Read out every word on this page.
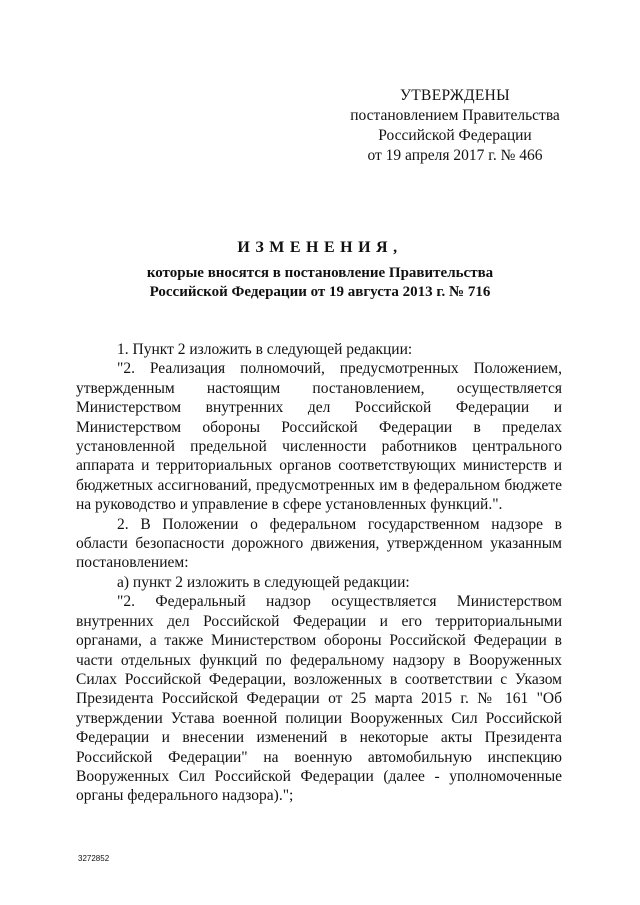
УТВЕРЖДЕНЫ
постановлением Правительства
Российской Федерации
от 19 апреля 2017 г. № 466
ИЗМЕНЕНИЯ,
которые вносятся в постановление Правительства
Российской Федерации от 19 августа 2013 г. № 716

1. Пункт 2 изложить в следующей редакции:

"2. Реализация полномочий, предусмотренных Положением, утвержденным настоящим постановлением, осуществляется Министерством внутренних дел Российской Федерации и Министерством обороны Российской Федерации в пределах установленной предельной численности работников центрального аппарата и территориальных органов соответствующих министерств и бюджетных ассигнований, предусмотренных им в федеральном бюджете на руководство и управление в сфере установленных функций.".

2. В Положении о федеральном государственном надзоре в области безопасности дорожного движения, утвержденном указанным постановлением:

а) пункт 2 изложить в следующей редакции:

"2. Федеральный надзор осуществляется Министерством внутренних дел Российской Федерации и его территориальными органами, а также Министерством обороны Российской Федерации в части отдельных функций по федеральному надзору в Вооруженных Силах Российской Федерации, возложенных в соответствии с Указом Президента Российской Федерации от 25 марта 2015 г. № 161 "Об утверждении Устава военной полиции Вооруженных Сил Российской Федерации и внесении изменений в некоторые акты Президента Российской Федерации" на военную автомобильную инспекцию Вооруженных Сил Российской Федерации (далее - уполномоченные органы федерального надзора).";

3272852
